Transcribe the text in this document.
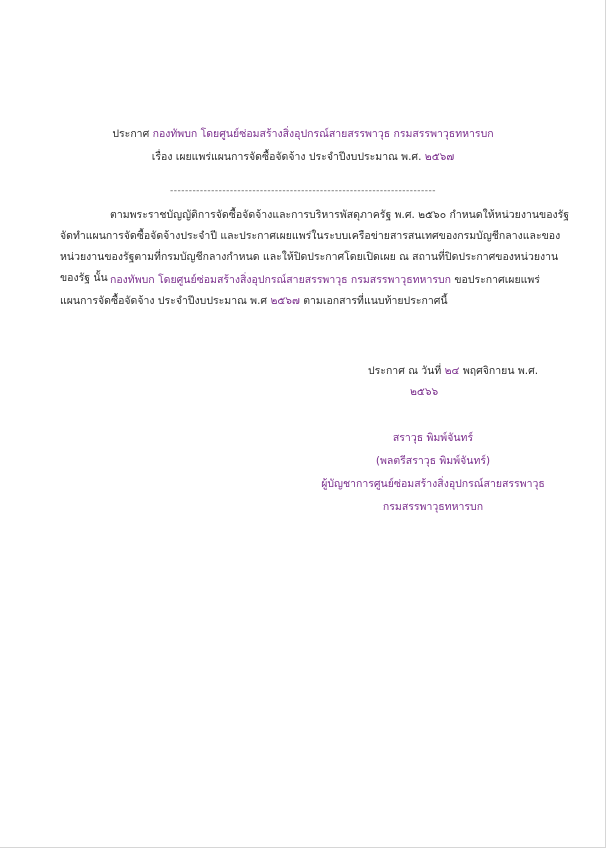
ประกาศ กองทัพบก โดยศูนย์ซ่อมสร้างสิ่งอุปกรณ์สายสรรพาวุธ กรมสรรพาวุธทหารบก
เรื่อง เผยแพร่แผนการจัดซื้อจัดจ้าง ประจำปีงบประมาณ พ.ศ. ๒๕๖๗
-----------------------------------------------------------------------
ตามพระราชบัญญัติการจัดซื้อจัดจ้างและการบริหารพัสดุภาครัฐ พ.ศ. ๒๕๖๐ กำหนดให้หน่วยงานของรัฐ
จัดทำแผนการจัดซื้อจัดจ้างประจำปี และประกาศเผยแพร่ในระบบเครือข่ายสารสนเทศของกรมบัญชีกลางและของ
หน่วยงานของรัฐตามที่กรมบัญชีกลางกำหนด และให้ปิดประกาศโดยเปิดเผย ณ สถานที่ปิดประกาศของหน่วยงาน
ของรัฐ นั้น กองทัพบก โดยศูนย์ซ่อมสร้างสิ่งอุปกรณ์สายสรรพาวุธ กรมสรรพาวุธทหารบก ขอประกาศเผยแพร่
แผนการจัดซื้อจัดจ้าง ประจำปีงบประมาณ พ.ศ ๒๕๖๗ ตามเอกสารที่แนบท้ายประกาศนี้
ประกาศ ณ วันที่ ๒๔ พฤศจิกายน พ.ศ.
๒๕๖๖
สราวุธ พิมพ์จันทร์
(พลตรีสราวุธ พิมพ์จันทร์)
ผู้บัญชาการศูนย์ซ่อมสร้างสิ่งอุปกรณ์สายสรรพาวุธ
กรมสรรพาวุธทหารบก
